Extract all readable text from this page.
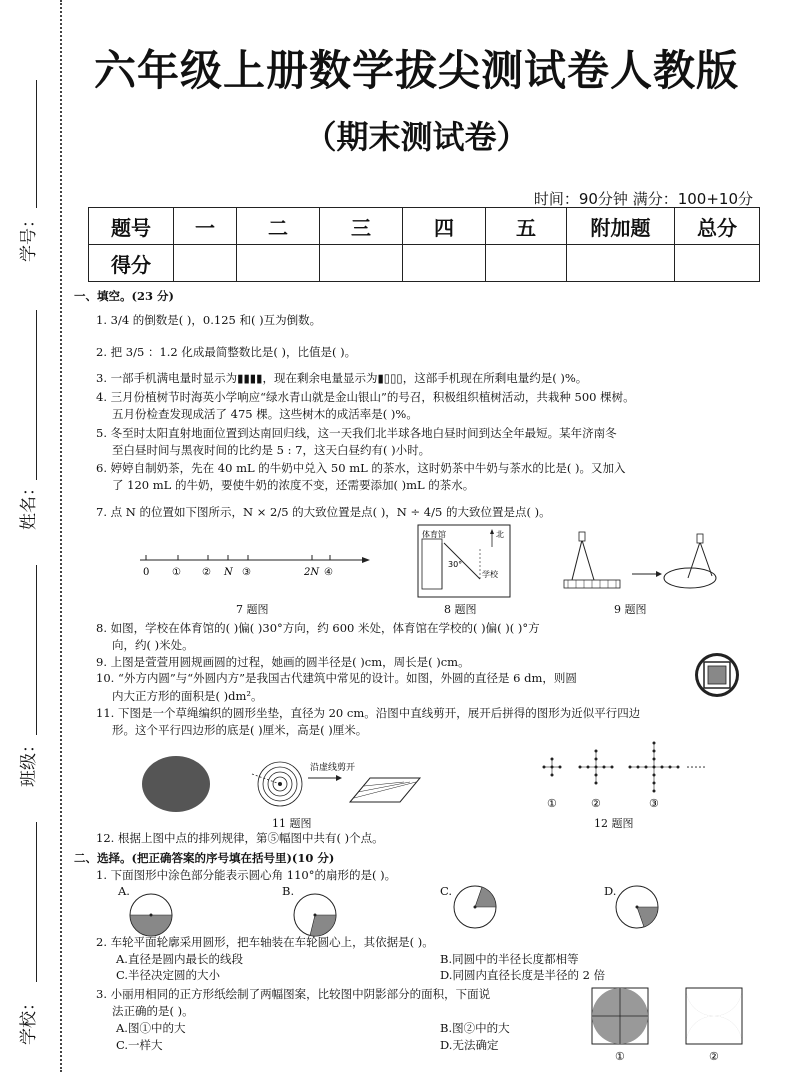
学号：
姓名：
班级：
学校：
六年级上册数学拔尖测试卷人教版
（期末测试卷）
时间：90分钟 满分：100+10分
题号	一	二	三	四	五	附加题	总分
得分							
一、填空。(23 分)
1. 3/4 的倒数是( )，0.125 和( )互为倒数。
2. 把 3/5 ：1.2 化成最简整数比是( )，比值是( )。
3. 一部手机满电量时显示为▮▮▮▮，现在剩余电量显示为▮▯▯▯，这部手机现在所剩电量约是( )%。
4. 三月份植树节时海英小学响应“绿水青山就是金山银山”的号召，积极组织植树活动，共栽种 500 棵树。
五月份检查发现成活了 475 棵。这些树木的成活率是( )%。
5. 冬至时太阳直射地面位置到达南回归线，这一天我们北半球各地白昼时间到达全年最短。某年济南冬
至白昼时间与黑夜时间的比约是 5 : 7，这天白昼约有( )小时。
6. 婷婷自制奶茶，先在 40 mL 的牛奶中兑入 50 mL 的茶水，这时奶茶中牛奶与茶水的比是( )。又加入
了 120 mL 的牛奶，要使牛奶的浓度不变，还需要添加( )mL 的茶水。
7. 点 N 的位置如下图所示，N × 2/5 的大致位置是点( )，N ÷ 4/5 的大致位置是点( )。
0 ① ② N ③	2N ④
7 题图
体育馆	北
30°
学校
8 题图	9 题图
8. 如图，学校在体育馆的( )偏( )30°方向，约 600 米处，体育馆在学校的( )偏( )( )°方
向，约( )米处。
9. 上图是萱萱用圆规画圆的过程，她画的圆半径是( )cm，周长是( )cm。
10. “外方内圆”与“外圆内方”是我国古代建筑中常见的设计。如图，外圆的直径是 6 dm，则圆
内大正方形的面积是( )dm²。
11. 下图是一个草绳编织的圆形坐垫，直径为 20 cm。沿图中直线剪开，展开后拼得的图形为近似平行四边
形。这个平行四边形的底是( )厘米，高是( )厘米。
沿虚线剪开
11 题图
①	②	③
12 题图
12. 根据上图中点的排列规律，第⑤幅图中共有( )个点。
二、选择。(把正确答案的序号填在括号里)(10 分)
1. 下面图形中涂色部分能表示圆心角 110°的扇形的是( )。
A.	B.	C.	D.
2. 车轮平面轮廓采用圆形，把车轴装在车轮圆心上，其依据是( )。
A.直径是圆内最长的线段	B.同圆中的半径长度都相等
C.半径决定圆的大小	D.同圆内直径长度是半径的 2 倍
3. 小丽用相同的正方形纸绘制了两幅图案，比较图中阴影部分的面积，下面说
法正确的是( )。
A.图①中的大	B.图②中的大
C.一样大	D.无法确定
①	②
